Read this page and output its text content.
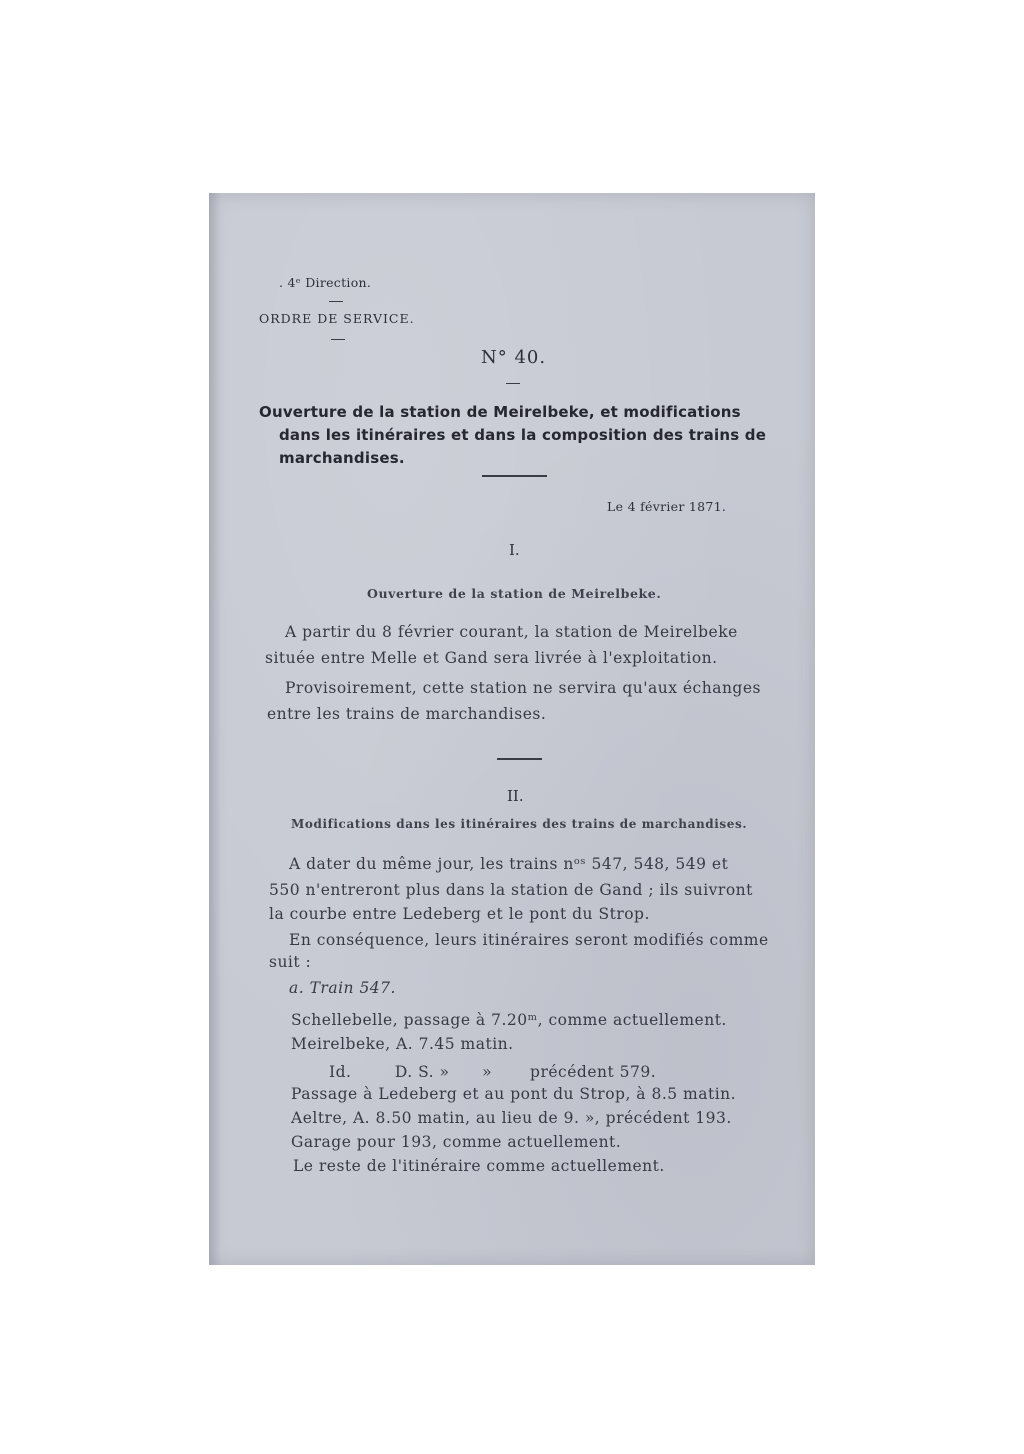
. 4ᵉ Direction.
ORDRE DE SERVICE.
N° 40.
Ouverture de la station de Meirelbeke, et modifications
dans les itinéraires et dans la composition des trains de
marchandises.
Le 4 février 1871.
I.
Ouverture de la station de Meirelbeke.
A partir du 8 février courant, la station de Meirelbeke
située entre Melle et Gand sera livrée à l'exploitation.
Provisoirement, cette station ne servira qu'aux échanges
entre les trains de marchandises.
II.
Modifications dans les itinéraires des trains de marchandises.
A dater du même jour, les trains nᵒˢ 547, 548, 549 et
550 n'entreront plus dans la station de Gand ; ils suivront
la courbe entre Ledeberg et le pont du Strop.
En conséquence, leurs itinéraires seront modifiés comme
suit :
a. Train 547.
Schellebelle, passage à 7.20ᵐ, comme actuellement.
Meirelbeke, A. 7.45 matin.
Id.        D. S. »      »       précédent 579.
Passage à Ledeberg et au pont du Strop, à 8.5 matin.
Aeltre, A. 8.50 matin, au lieu de 9. », précédent 193.
Garage pour 193, comme actuellement.
Le reste de l'itinéraire comme actuellement.
